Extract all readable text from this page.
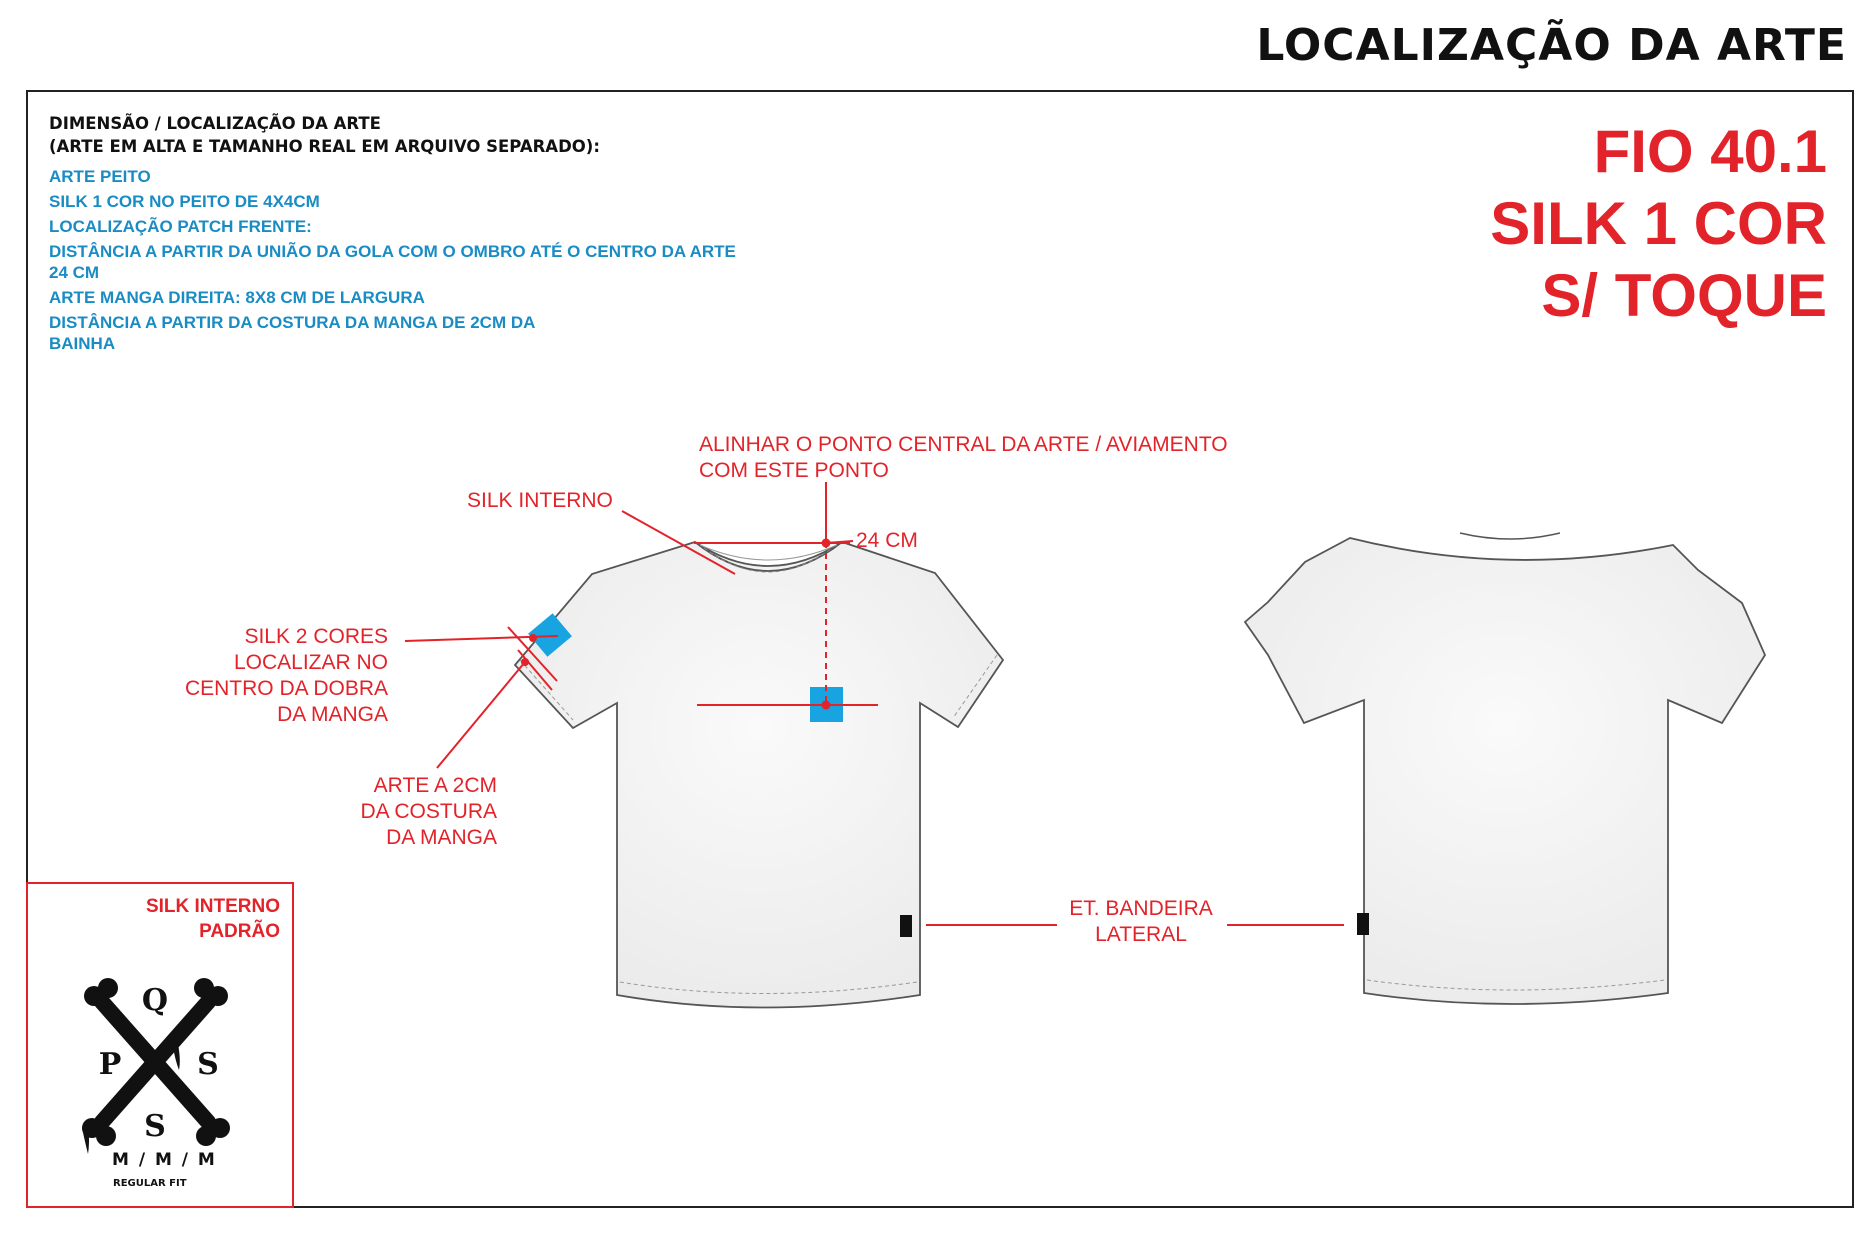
LOCALIZAÇÃO DA ARTE
DIMENSÃO / LOCALIZAÇÃO DA ARTE
(ARTE EM ALTA E TAMANHO REAL EM ARQUIVO SEPARADO):
ARTE PEITO
SILK 1 COR NO PEITO DE 4X4CM
LOCALIZAÇÃO PATCH FRENTE:
DISTÂNCIA A PARTIR DA UNIÃO DA GOLA COM O OMBRO ATÉ O CENTRO DA ARTE
24 CM
ARTE MANGA DIREITA: 8X8 CM DE LARGURA
DISTÂNCIA A PARTIR DA COSTURA DA MANGA DE 2CM DA
BAINHA
FIO 40.1
SILK 1 COR
S/ TOQUE
ALINHAR O PONTO CENTRAL DA ARTE / AVIAMENTO
COM ESTE PONTO
SILK INTERNO
24 CM
SILK 2 CORES
LOCALIZAR NO
CENTRO DA DOBRA
DA MANGA
ARTE A 2CM
DA COSTURA
DA MANGA
ET. BANDEIRA
LATERAL
SILK INTERNO
PADRÃO
Q
P	S
S
M / M / M
REGULAR FIT
